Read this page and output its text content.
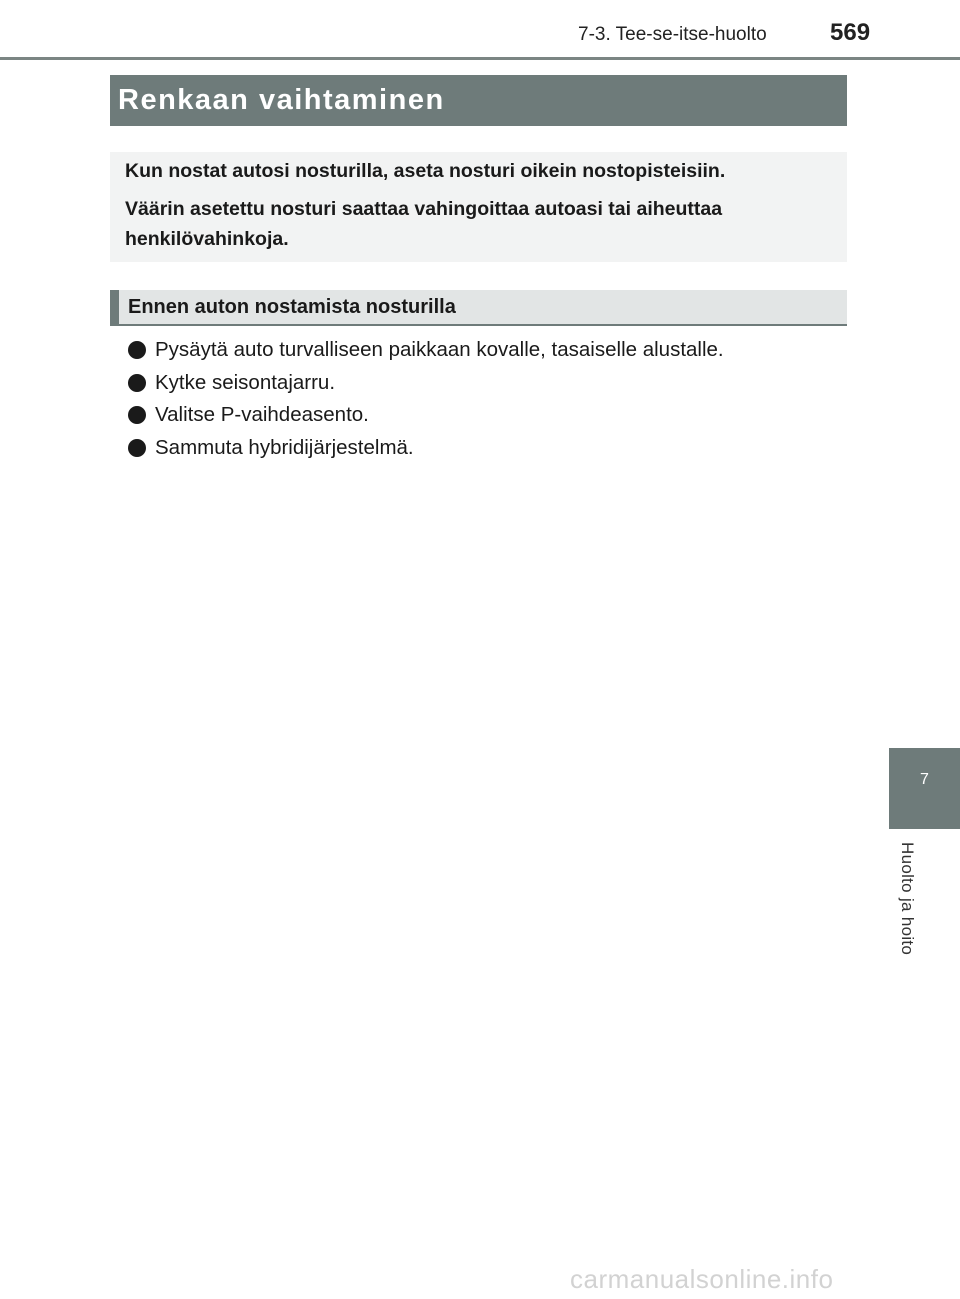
7-3. Tee-se-itse-huolto	569
Renkaan vaihtaminen

Kun nostat autosi nosturilla, aseta nosturi oikein nostopisteisiin.

Väärin asetettu nosturi saattaa vahingoittaa autoasi tai aiheuttaa henkilövahinkoja.

Ennen auton nostamista nosturilla
Pysäytä auto turvalliseen paikkaan kovalle, tasaiselle alustalle.
Kytke seisontajarru.
Valitse P-vaihdeasento.
Sammuta hybridijärjestelmä.
7
Huolto ja hoito
carmanualsonline.info
